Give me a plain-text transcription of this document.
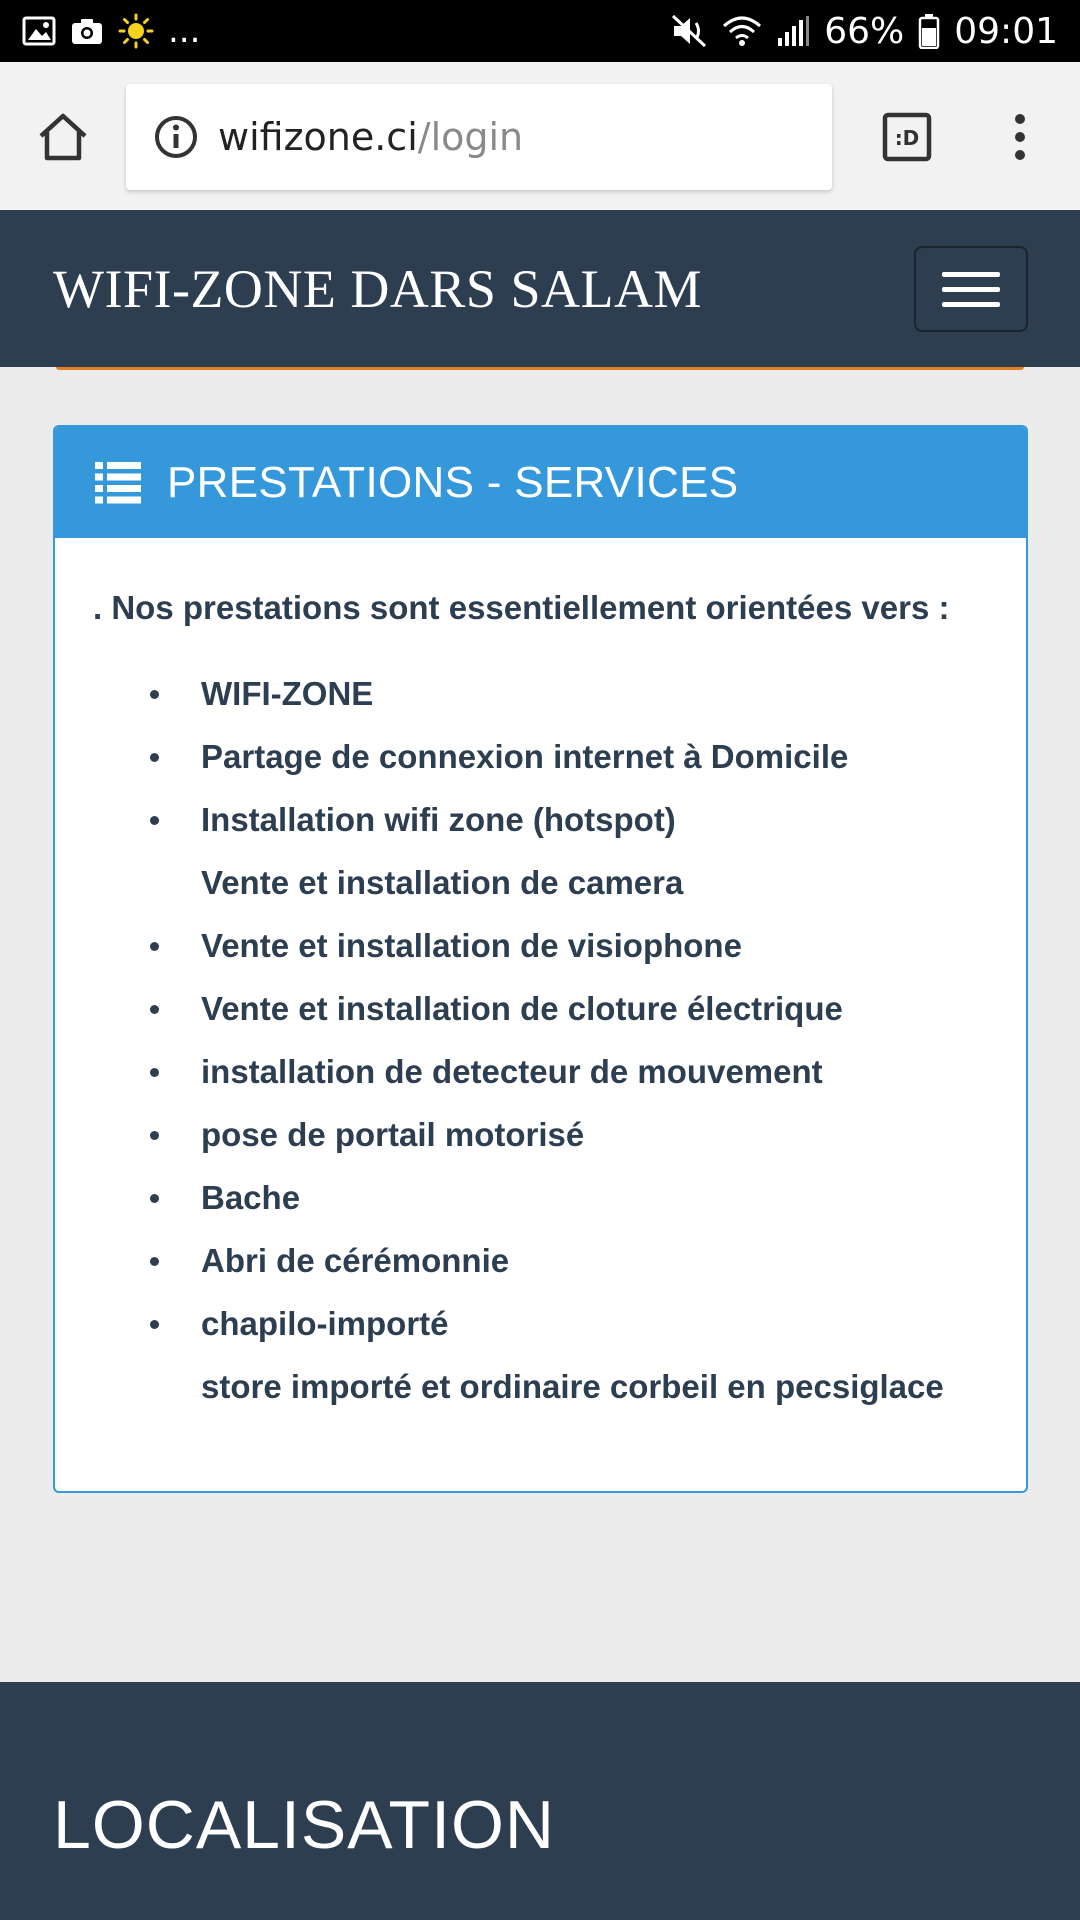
...	66% 09:01
wifizone.ci/login	:D
WIFI-ZONE DARS SALAM
PRESTATIONS - SERVICES

. Nos prestations sont essentiellement orientées vers :

WIFI-ZONE
Partage de connexion internet à Domicile
Installation wifi zone (hotspot)
Vente et installation de camera
Vente et installation de visiophone
Vente et installation de cloture électrique
installation de detecteur de mouvement
pose de portail motorisé
Bache
Abri de cérémonnie
chapilo-importé
store importé et ordinaire corbeil en pecsiglace
LOCALISATION
